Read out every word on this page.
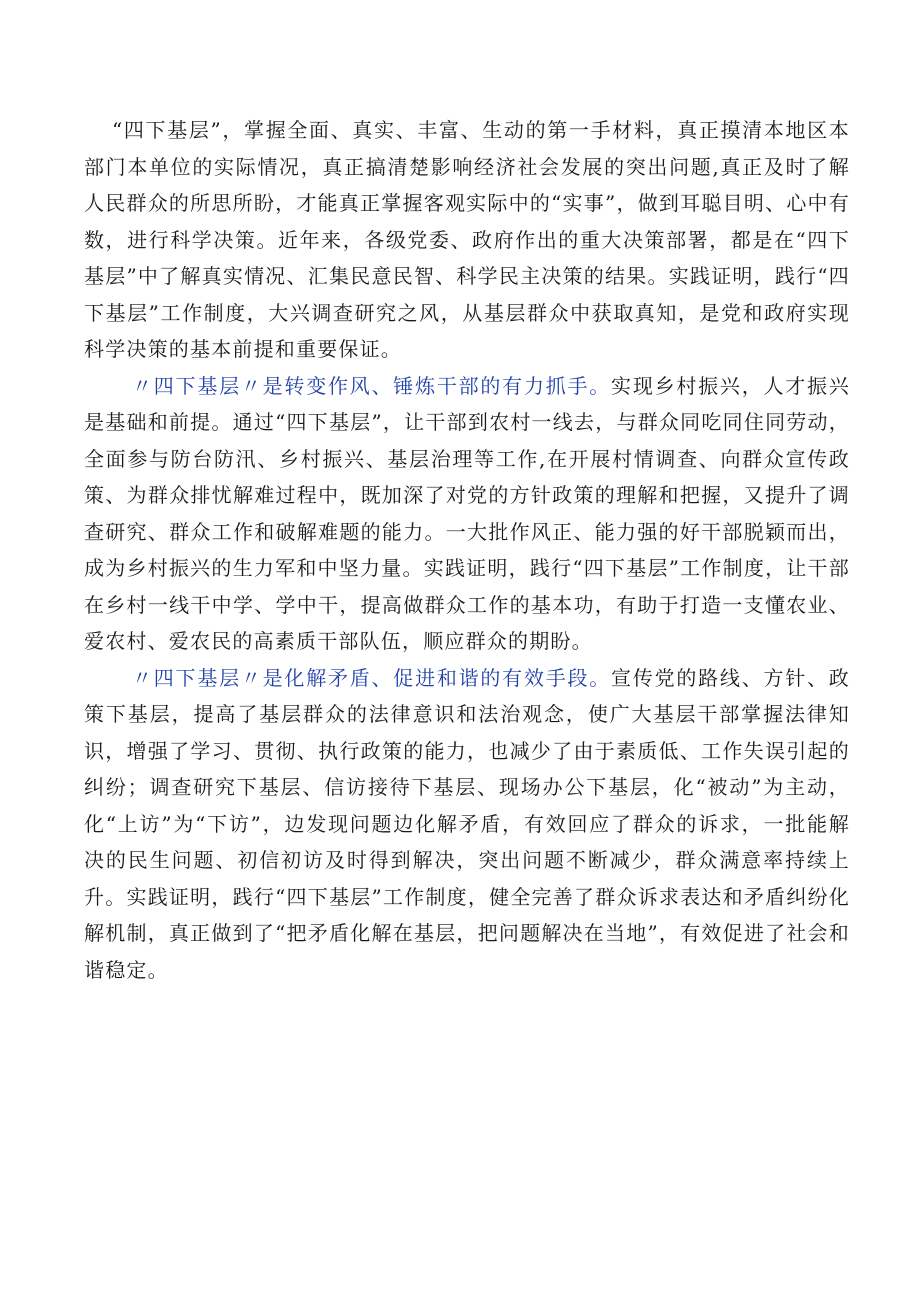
“四下基层”，掌握全面、真实、丰富、生动的第一手材料，真正摸清本地区本部门本单位的实际情况，真正搞清楚影响经济社会发展的突出问题,真正及时了解人民群众的所思所盼，才能真正掌握客观实际中的“实事”，做到耳聪目明、心中有数，进行科学决策。近年来，各级党委、政府作出的重大决策部署，都是在“四下基层”中了解真实情况、汇集民意民智、科学民主决策的结果。实践证明，践行“四下基层”工作制度，大兴调查研究之风，从基层群众中获取真知，是党和政府实现科学决策的基本前提和重要保证。

〃四下基层〃是转变作风、锤炼干部的有力抓手。实现乡村振兴，人才振兴是基础和前提。通过“四下基层”，让干部到农村一线去，与群众同吃同住同劳动，全面参与防台防汛、乡村振兴、基层治理等工作,在开展村情调查、向群众宣传政策、为群众排忧解难过程中，既加深了对党的方针政策的理解和把握，又提升了调查研究、群众工作和破解难题的能力。一大批作风正、能力强的好干部脱颖而出，成为乡村振兴的生力军和中坚力量。实践证明，践行“四下基层”工作制度，让干部在乡村一线干中学、学中干，提高做群众工作的基本功，有助于打造一支懂农业、爱农村、爱农民的高素质干部队伍，顺应群众的期盼。

〃四下基层〃是化解矛盾、促进和谐的有效手段。宣传党的路线、方针、政策下基层，提高了基层群众的法律意识和法治观念，使广大基层干部掌握法律知识，增强了学习、贯彻、执行政策的能力，也减少了由于素质低、工作失误引起的纠纷；调查研究下基层、信访接待下基层、现场办公下基层，化“被动”为主动，化“上访”为“下访”，边发现问题边化解矛盾，有效回应了群众的诉求，一批能解决的民生问题、初信初访及时得到解决，突出问题不断减少，群众满意率持续上升。实践证明，践行“四下基层”工作制度，健全完善了群众诉求表达和矛盾纠纷化解机制，真正做到了“把矛盾化解在基层，把问题解决在当地”，有效促进了社会和谐稳定。
